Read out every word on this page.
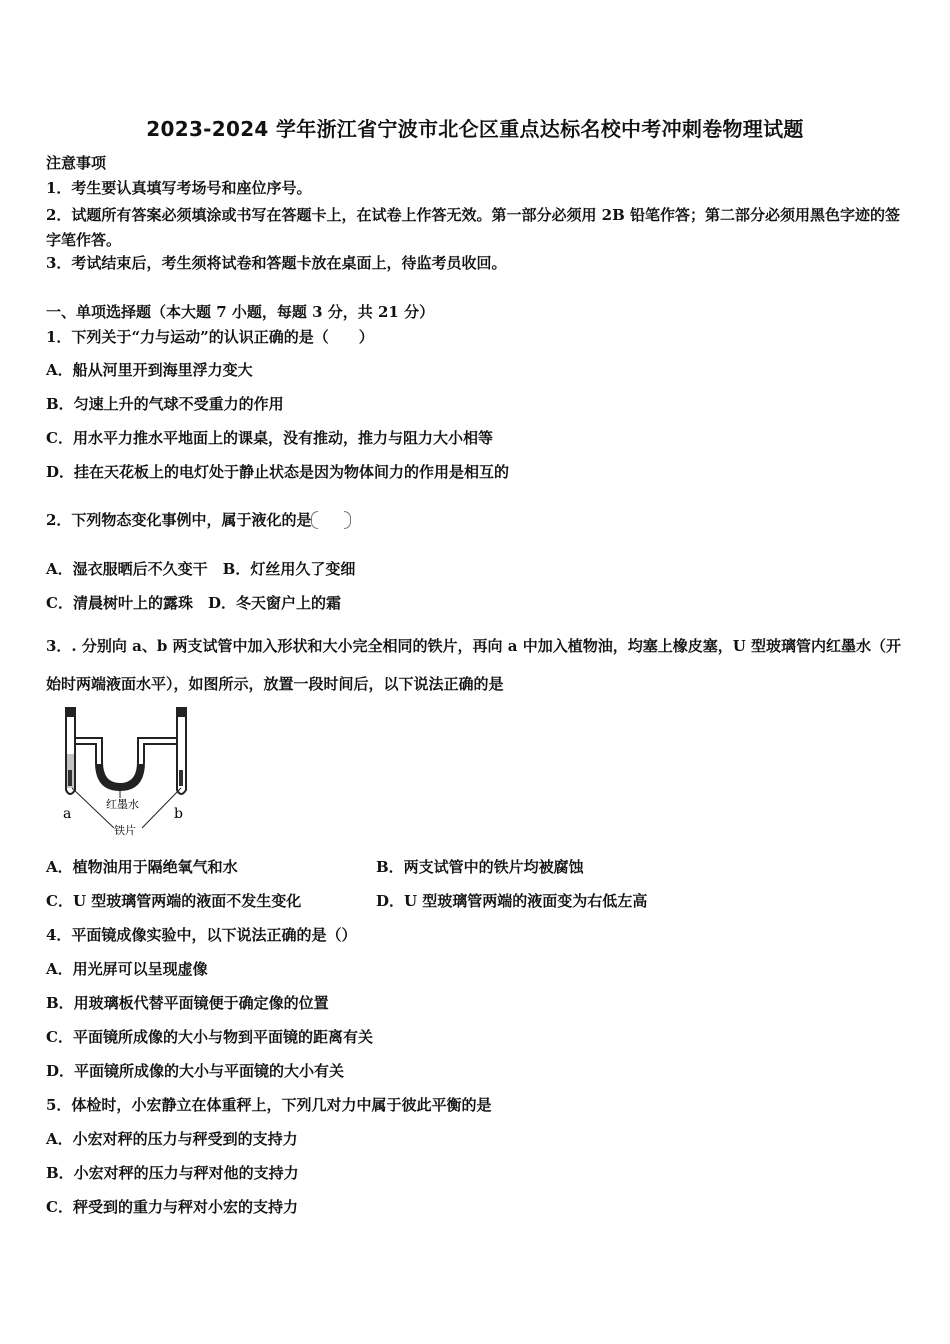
2023-2024 学年浙江省宁波市北仑区重点达标名校中考冲刺卷物理试题
注意事项
1．考生要认真填写考场号和座位序号。
2．试题所有答案必须填涂或书写在答题卡上，在试卷上作答无效。第一部分必须用 2B 铅笔作答；第二部分必须用黑色字迹的签字笔作答。
3．考试结束后，考生须将试卷和答题卡放在桌面上，待监考员收回。
一、单项选择题（本大题 7 小题，每题 3 分，共 21 分）
1．下列关于“力与运动”的认识正确的是（　　）
A．船从河里开到海里浮力变大
B．匀速上升的气球不受重力的作用
C．用水平力推水平地面上的课桌，没有推动，推力与阻力大小相等
D．挂在天花板上的电灯处于静止状态是因为物体间力的作用是相互的
2．下列物态变化事例中，属于液化的是
A．湿衣服晒后不久变干　B．灯丝用久了变细
C．清晨树叶上的露珠　D．冬天窗户上的霜
3．. 分别向 a、b 两支试管中加入形状和大小完全相同的铁片，再向 a 中加入植物油，均塞上橡皮塞，U 型玻璃管内红墨水（开始时两端液面水平），如图所示，放置一段时间后，以下说法正确的是
红墨水
a	b
铁片
A．植物油用于隔绝氧气和水	B．两支试管中的铁片均被腐蚀
C．U 型玻璃管两端的液面不发生变化	D．U 型玻璃管两端的液面变为右低左高
4．平面镜成像实验中，以下说法正确的是（）
A．用光屏可以呈现虚像
B．用玻璃板代替平面镜便于确定像的位置
C．平面镜所成像的大小与物到平面镜的距离有关
D．平面镜所成像的大小与平面镜的大小有关
5．体检时，小宏静立在体重秤上，下列几对力中属于彼此平衡的是
A．小宏对秤的压力与秤受到的支持力
B．小宏对秤的压力与秤对他的支持力
C．秤受到的重力与秤对小宏的支持力
